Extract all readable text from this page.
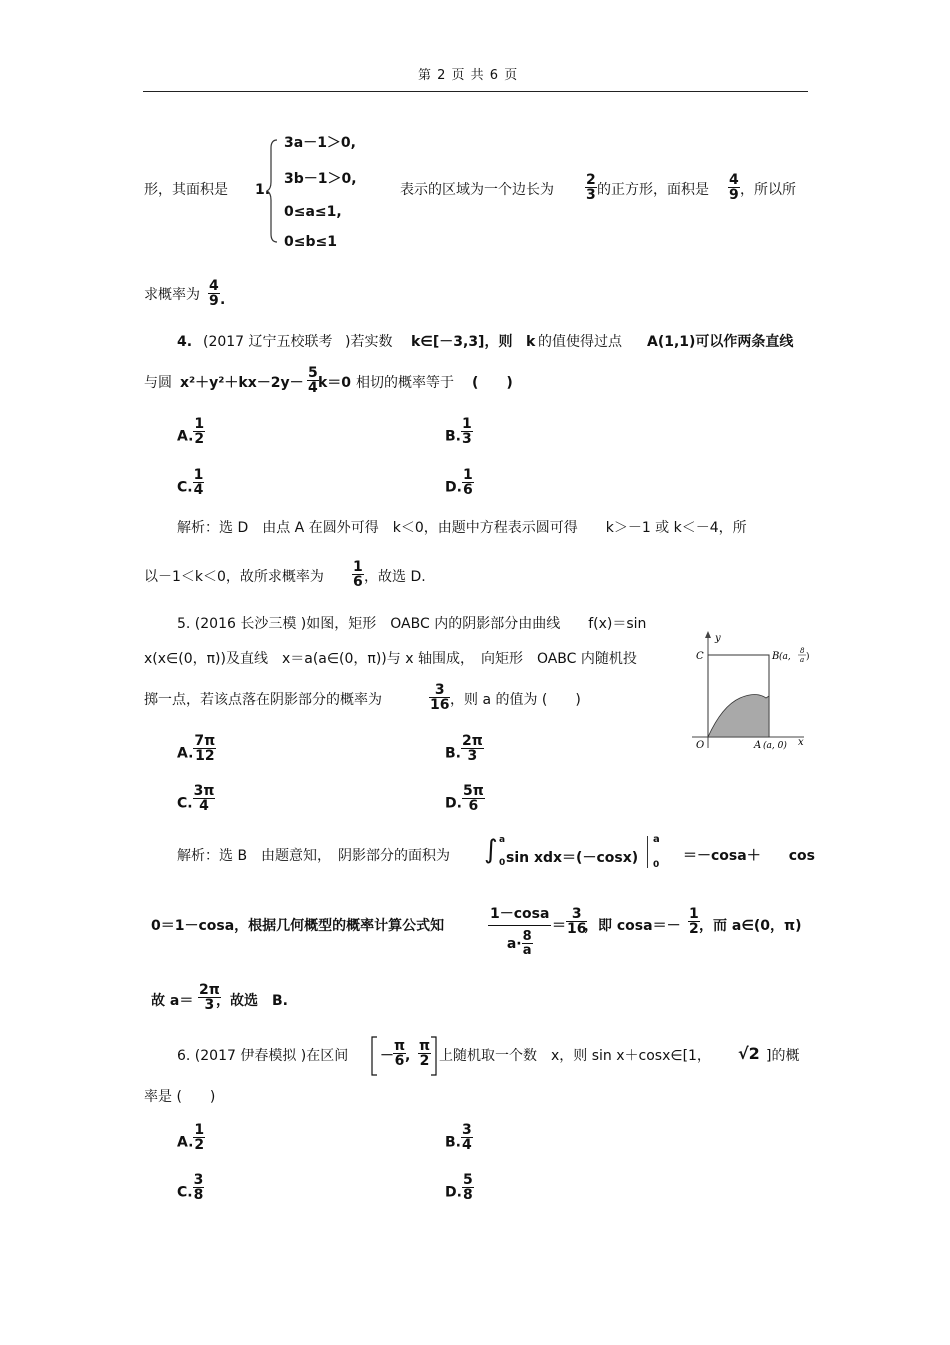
第 2 页 共 6 页
形，其面积是 1.
3a－1＞0,
3b－1＞0,
0≤a≤1,
0≤b≤1
表示的区域为一个边长为 $\frac{2}{3}$ 的正方形，面积是 $\frac{4}{9}$ ，所以所
求概率为 $\frac{4}{9}$ .
4. (2017 辽宁五校联考 )若实数 k∈[－3,3]，则 k 的值使得过点 A(1,1)可以作两条直线
与圆 $x^2+y^2+kx-2y- \frac{5}{4} k=0$ 相切的概率等于 (　　)
A. $\frac{1}{2}$	B. $\frac{1}{3}$
C. $\frac{1}{4}$	D. $\frac{1}{6}$
解析：选 D　由点 A 在圆外可得　k＜0，由题中方程表示圆可得　　k＞－1 或 k＜－4，所
以－1＜k＜0，故所求概率为 $\frac{1}{6}$ ，故选 D.
5. (2016 长沙三模 )如图，矩形　OABC 内的阴影部分由曲线　　f(x)＝sin
x(x∈(0，π))及直线　x＝a(a∈(0，π))与 x 轴围成，　向矩形　OABC 内随机投
掷一点，若该点落在阴影部分的概率为	$\frac{3}{16}$ ，则 a 的值为 (　　)
y
x
C
O
B (a,
8
a )
A (a, 0)
A. $\frac{7\pi}{12}$	B. $\frac{2\pi}{3}$
C. $\frac{3\pi}{4}$	D. $\frac{5\pi}{6}$
解析：选 B　由题意知，　阴影部分的面积为 ∫ a
0 sin xdx＝(－cosx)
a
0
＝－cosa＋　　cos
0＝1－cosa，根据几何概型的概率计算公式知	$\frac{1-\cos a}{a\cdot \frac{8}{a}} = \frac{3}{16}$
，即 $\cos a=- \frac{1}{2}$ ，而 a∈(0，π)
故 $a= \frac{2\pi}{3}$
，故选　B.
6. (2017 伊春模拟 )在区间 － $\frac{\pi}{6}$
, $\frac{\pi}{2}$ 上随机取一个数　x，则 sin x＋cosx∈[1， √2 ]的概
率是 (　　)
A. $\frac{1}{2}$	B. $\frac{3}{4}$
C. $\frac{3}{8}$	D. $\frac{5}{8}$
